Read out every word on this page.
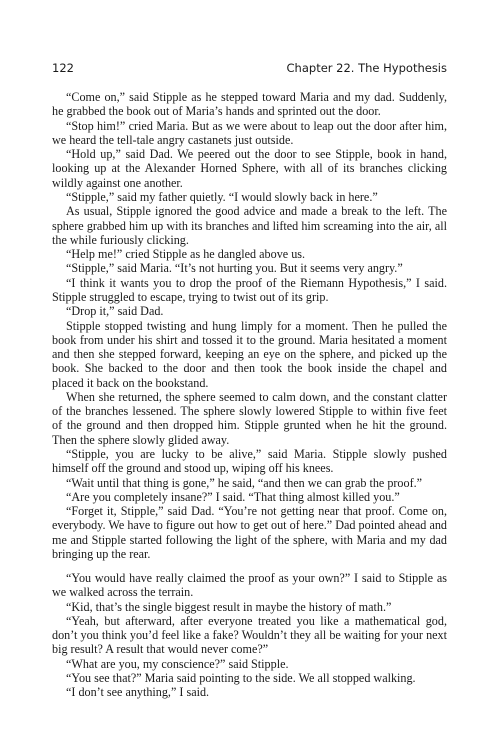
122	Chapter 22. The Hypothesis

“Come on,” said Stipple as he stepped toward Maria and my dad. Suddenly, he grabbed the book out of Maria’s hands and sprinted out the door.

“Stop him!” cried Maria. But as we were about to leap out the door after him, we heard the tell-tale angry castanets just outside.

“Hold up,” said Dad. We peered out the door to see Stipple, book in hand, looking up at the Alexander Horned Sphere, with all of its branches clicking wildly against one another.

“Stipple,” said my father quietly. “I would slowly back in here.”

As usual, Stipple ignored the good advice and made a break to the left. The sphere grabbed him up with its branches and lifted him screaming into the air, all the while furiously clicking.

“Help me!” cried Stipple as he dangled above us.

“Stipple,” said Maria. “It’s not hurting you. But it seems very angry.”

“I think it wants you to drop the proof of the Riemann Hypothesis,” I said. Stipple struggled to escape, trying to twist out of its grip.

“Drop it,” said Dad.

Stipple stopped twisting and hung limply for a moment. Then he pulled the book from under his shirt and tossed it to the ground. Maria hesitated a moment and then she stepped forward, keeping an eye on the sphere, and picked up the book. She backed to the door and then took the book inside the chapel and placed it back on the bookstand.

When she returned, the sphere seemed to calm down, and the constant clatter of the branches lessened. The sphere slowly lowered Stipple to within five feet of the ground and then dropped him. Stipple grunted when he hit the ground. Then the sphere slowly glided away.

“Stipple, you are lucky to be alive,” said Maria. Stipple slowly pushed himself off the ground and stood up, wiping off his knees.

“Wait until that thing is gone,” he said, “and then we can grab the proof.”

“Are you completely insane?” I said. “That thing almost killed you.”

“Forget it, Stipple,” said Dad. “You’re not getting near that proof. Come on, everybody. We have to figure out how to get out of here.” Dad pointed ahead and me and Stipple started following the light of the sphere, with Maria and my dad bringing up the rear.

“You would have really claimed the proof as your own?” I said to Stipple as we walked across the terrain.

“Kid, that’s the single biggest result in maybe the history of math.”

“Yeah, but afterward, after everyone treated you like a mathematical god, don’t you think you’d feel like a fake? Wouldn’t they all be waiting for your next big result? A result that would never come?”

“What are you, my conscience?” said Stipple.

“You see that?” Maria said pointing to the side. We all stopped walking.

“I don’t see anything,” I said.
